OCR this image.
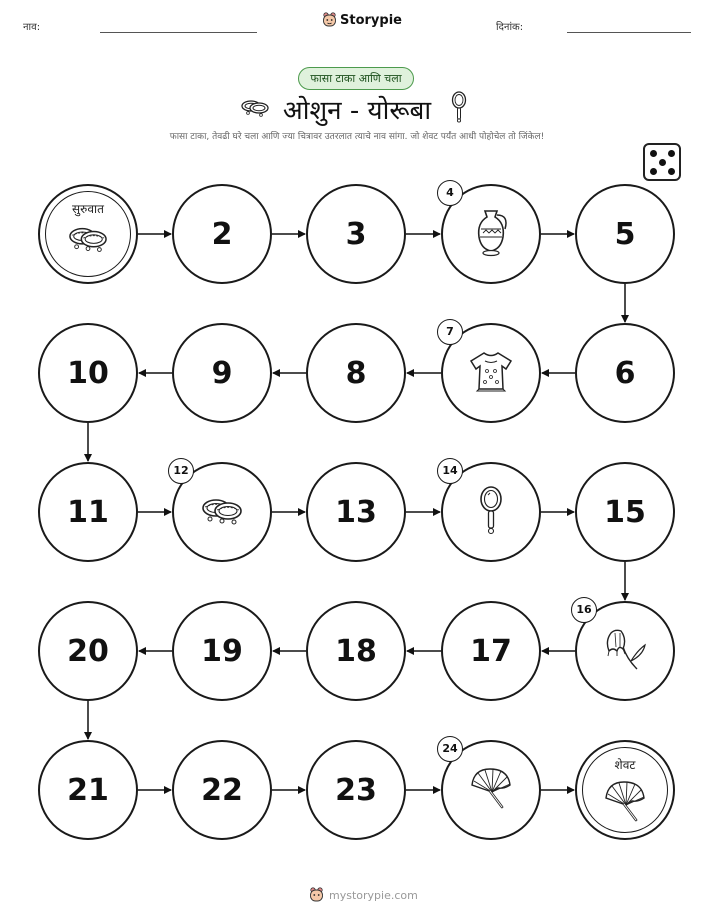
नाव:	Storypie	दिनांक:
फासा टाका आणि चला
ओशुन - योरूबा
फासा टाका, तेवढी घरे चला आणि ज्या चित्रावर उतरलात त्याचे नाव सांगा. जो शेवट पर्यंत आधी पोहोचेल तो जिंकेल!
सुरुवात
2	3
4
5
6
7
8
9
10
11
12
13
14
15
16
17
18
19
20
21	22	23
24
शेवट
mystorypie.com
